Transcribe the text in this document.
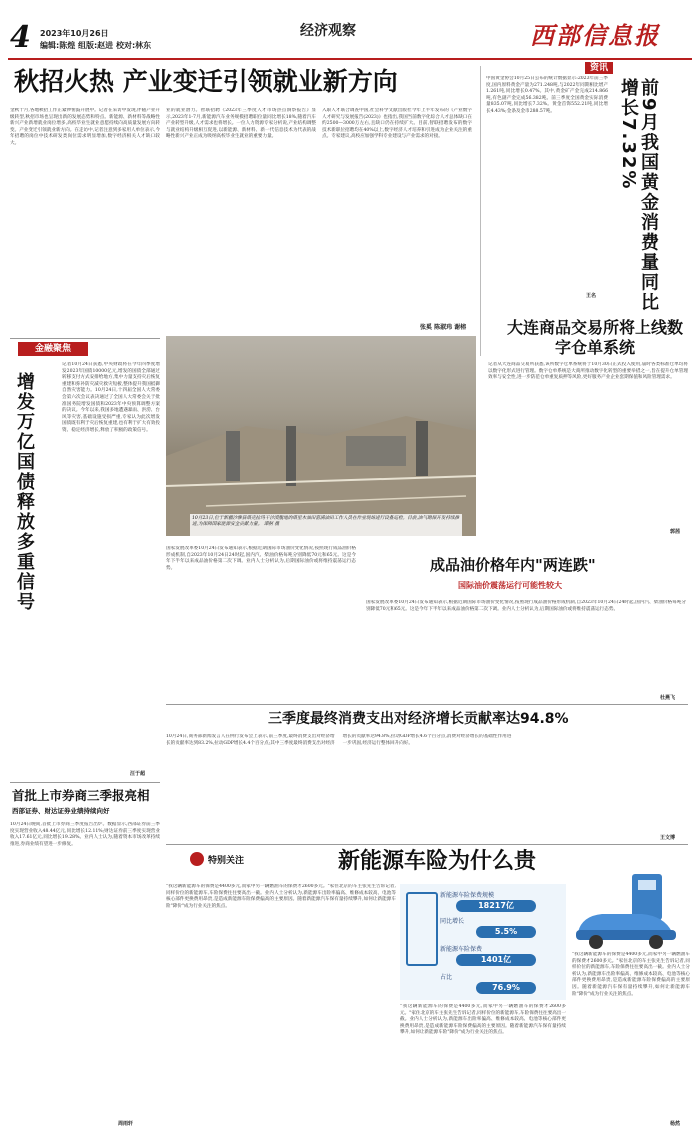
4 2023年10月26日
编辑:陈煌 组版:赵进 校对:林东
经济观察	西部信息报
秋招火热 产业变迁引领就业新方向
金秋十月,各地秋招工作正紧锣密鼓开展中。记者在采访中发现,伴随产业升级转型,秋招市场也呈现出新的发展态势和特点。新能源、新材料等战略性新兴产业新增就业岗位增多,高校毕业生就业意愿持续向高质量发展方向转变。产业变迁引领就业新方向。在走访中,记者注意到多家用人单位表示,今年招聘的岗位中技术研发类岗位需求明显增加,数字经济相关人才缺口较大。
业的就业潜力。智联招聘《2023年三季度人才市场热点洞察报告》显示,2023年1-7月,新能源汽车业务规模招聘职位量同比增长18%,随着汽车产业转型升级,人才需求也将增长。一位人力资源专家分析说,产业结构调整与就业结构升级相互促进,以新能源、新材料、新一代信息技术为代表的战略性新兴产业正成为吸纳高校毕业生就业的重要力量。
入职人才联合调查中国,社会科学文献出版社今年上半年发布的《产业数字人才研究与发展报告(2023)》也指出,我国当前数字化综合人才总体缺口在约2500—3000万左右,且缺口仍在持续扩大。目前,智联招聘发布的数字技术新职位招聘均在40%以上,数字经济人才培养和引进成为企业关注的重点。专家建议,高校应加强学科专业建设与产业需求的对接。
张奚 陈淑玮 谢榕
资讯
中国黄金协会10月25日公布的统计数据显示:2023年前三季度,国内原料黄金产量为271.248吨,与2022年同期相比增产1.261吨,同比增长0.47%。其中,黄金矿产金完成214.866吨,有色副产金完成56.382吨。前三季度全国黄金实际消费量835.07吨,同比增长7.32%。黄金首饰552.21吨,同比增长4.43%;金条及金币288.57吨。
王名	前9月我国黄金消费量同比增长7.32%
10月23日,位于新疆沙雅县塔克拉玛干沙漠腹地的塔里木油田富满油田工作人员在作业现场进行设备巡检。目前,油气勘探开发持续推进,为保障国家能源安全贡献力量。 谭舸 摄
大连商品交易所将上线数字仓单系统
记者从大连商品交易所获悉,该所数字仓单系统将于10月30日正式投入使用,届时各类标准仓单均将以数字化形式进行管理。数字仓单系统是大商所推动数字化转型的重要举措之一,旨在提升仓单管理效率与安全性,进一步防范仓单重复质押等风险,更好服务产业企业套期保值和风险管理需求。
郭茜
金融聚焦
增发万亿国债释放多重信号
记者10月24日获悉,中央财政将在今年四季度增发2023年国债10000亿元,增发的国债全部通过转移支付方式安排给地方,集中力量支持灾后恢复重建和弥补防灾减灾救灾短板,整体提升我国抵御自然灾害能力。10月24日,十四届全国人大常委会第六次会议表决通过了全国人大常委会关于批准国务院增发国债和2023年中央预算调整方案的决议。今年以来,我国多地遭遇暴雨、洪涝、台风等灾害,基础设施受损严重,专家认为此次增发国债既有利于灾后恢复重建,也有利于扩大有效投资、稳定经济增长,释放了积极的政策信号。
汪于超
国家发展改革委10月24日发布通知表示,根据近期国际市场油价变化情况,按照现行成品油价格形成机制,自2023年10月24日24时起,国内汽、柴油价格每吨分别降低70元和65元。这是今年下半年以来成品油价格第二次下调。业内人士分析认为,后期国际油价或将维持震荡运行态势。	成品油价格年内"两连跌"
国际油价震荡运行可能性较大
国家发展改革委10月24日发布通知表示,根据近期国际市场油价变化情况,按照现行成品油价格形成机制,自2023年10月24日24时起,国内汽、柴油价格每吨分别降低70元和65元。这是今年下半年以来成品油价格第二次下调。业内人士分析认为,后期国际油价或将维持震荡运行态势。
杜燕飞
三季度最终消费支出对经济增长贡献率达94.8%
10月24日,商务部新闻发言人在例行发布会上表示,前三季度,最终消费支出对经济增长的贡献率达到83.2%,拉动GDP增长4.4个百分点;其中三季度最终消费支出对经济增长的贡献率达94.8%,拉动GDP增长4.6个百分点,消费对经济增长的基础性作用进一步巩固,经济运行整体回升向好。
王文博
首批上市券商三季报亮相
西部证券、财达证券业绩持续向好
10月24日晚间,首批上市券商三季度报告出炉。数据显示,西部证券前三季度实现营业收入48.44亿元,同比增长12.11%;财达证券前三季度实现营业收入17.61亿元,同比增长19.28%。业内人士认为,随着资本市场改革持续推进,券商业绩有望进一步修复。
周雨轩
特别关注	新能源车险为什么贵
"我这辆新能源车的保费是4400多元,而家中另一辆燃油车的保费才2600多元。"家住北京的车主张先生告诉记者,同样价位的新能源车,车险保费往往要高出一截。业内人士分析认为,新能源车出险率偏高、维修成本较高、电池等核心部件更换费用昂贵,是造成新能源车险保费偏高的主要原因。随着新能源汽车保有量持续攀升,如何让新能源车险"降价"成为行业关注的焦点。
新能源车险保费规模
18217亿
同比增长
5.5%
新能源车险保费
1401亿
占比
76.9%
"我这辆新能源车的保费是4400多元,而家中另一辆燃油车的保费才2600多元。"家住北京的车主张先生告诉记者,同样价位的新能源车,车险保费往往要高出一截。业内人士分析认为,新能源车出险率偏高、维修成本较高、电池等核心部件更换费用昂贵,是造成新能源车险保费偏高的主要原因。随着新能源汽车保有量持续攀升,如何让新能源车险"降价"成为行业关注的焦点。
"我这辆新能源车的保费是4400多元,而家中另一辆燃油车的保费才2600多元。"家住北京的车主张先生告诉记者,同样价位的新能源车,车险保费往往要高出一截。业内人士分析认为,新能源车出险率偏高、维修成本较高、电池等核心部件更换费用昂贵,是造成新能源车险保费偏高的主要原因。随着新能源汽车保有量持续攀升,如何让新能源车险"降价"成为行业关注的焦点。
杨然
